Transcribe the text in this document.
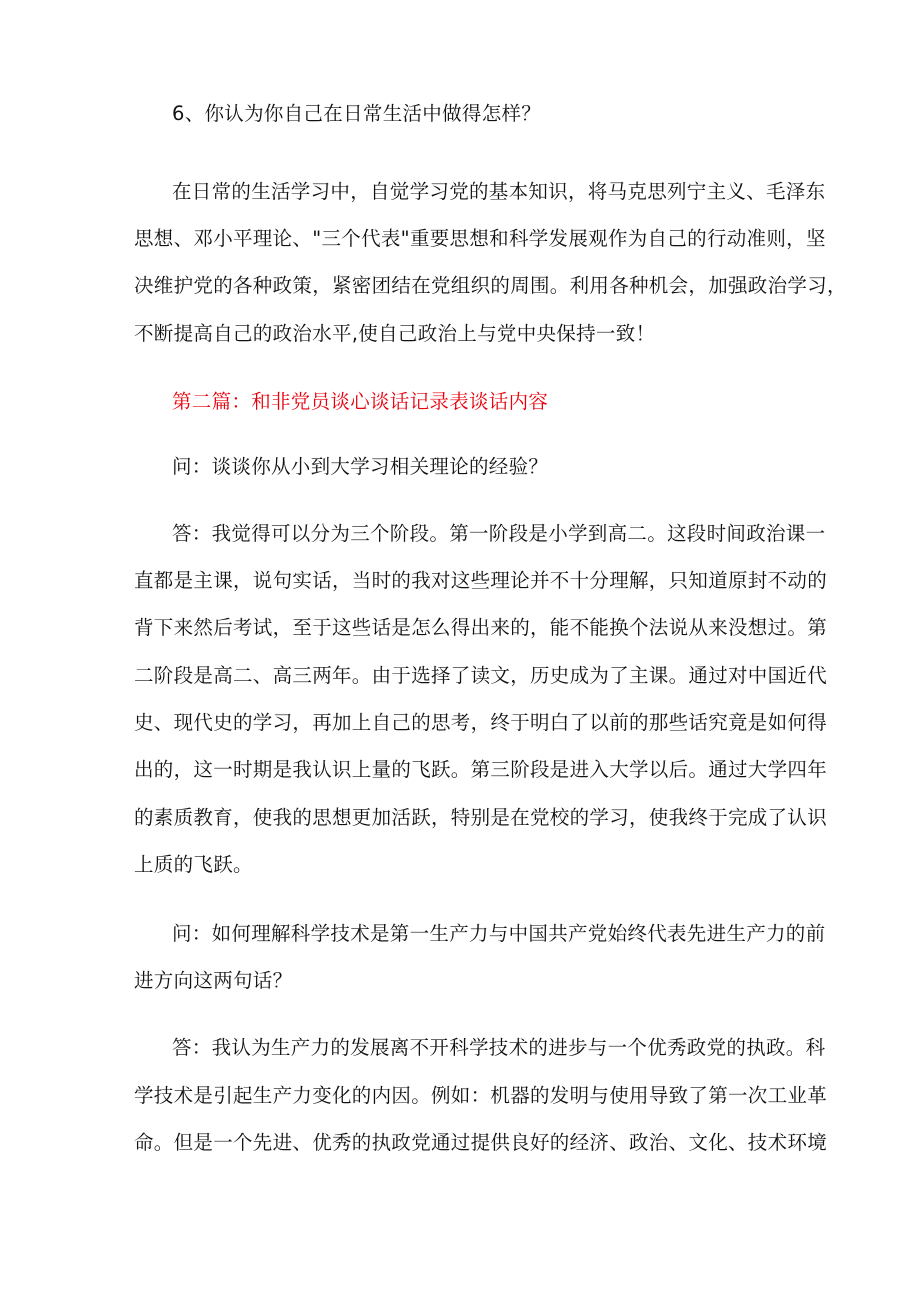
6、你认为你自己在日常生活中做得怎样？
在日常的生活学习中，自觉学习党的基本知识，将马克思列宁主义、毛泽东
思想、邓小平理论、"三个代表"重要思想和科学发展观作为自己的行动准则，坚
决维护党的各种政策，紧密团结在党组织的周围。利用各种机会，加强政治学习，
不断提高自己的政治水平,使自己政治上与党中央保持一致！
第二篇：和非党员谈心谈话记录表谈话内容
问：谈谈你从小到大学习相关理论的经验？
答：我觉得可以分为三个阶段。第一阶段是小学到高二。这段时间政治课一
直都是主课，说句实话，当时的我对这些理论并不十分理解，只知道原封不动的
背下来然后考试，至于这些话是怎么得出来的，能不能换个法说从来没想过。第
二阶段是高二、高三两年。由于选择了读文，历史成为了主课。通过对中国近代
史、现代史的学习，再加上自己的思考，终于明白了以前的那些话究竟是如何得
出的，这一时期是我认识上量的飞跃。第三阶段是进入大学以后。通过大学四年
的素质教育，使我的思想更加活跃，特别是在党校的学习，使我终于完成了认识
上质的飞跃。
问：如何理解科学技术是第一生产力与中国共产党始终代表先进生产力的前
进方向这两句话？
答：我认为生产力的发展离不开科学技术的进步与一个优秀政党的执政。科
学技术是引起生产力变化的内因。例如：机器的发明与使用导致了第一次工业革
命。但是一个先进、优秀的执政党通过提供良好的经济、政治、文化、技术环境
